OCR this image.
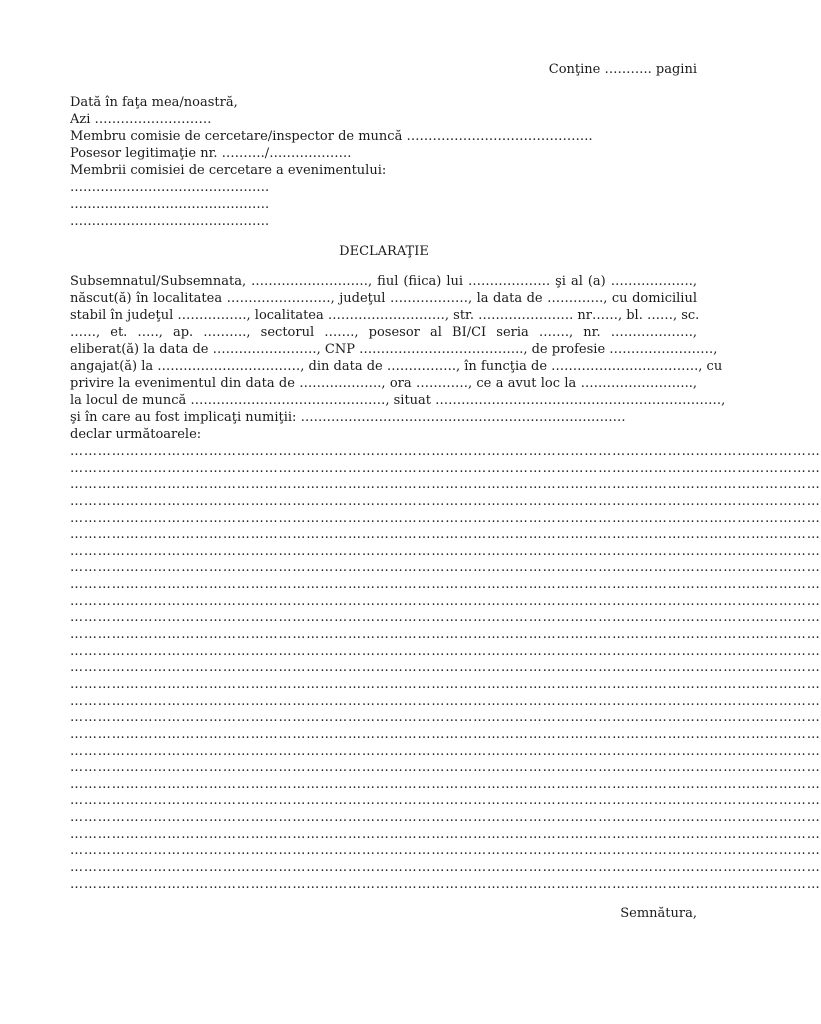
Conţine ……….. pagini
Dată în faţa mea/noastră,
Azi ………………………
Membru comisie de cercetare/inspector de muncă …………………………………….
Posesor legitimaţie nr. ………./……………….
Membrii comisiei de cercetare a evenimentului:
……………………………………….
……………………………………….
……………………………………….
DECLARAŢIE
Subsemnatul/Subsemnata, ………………………, fiul (fiica) lui ………………. şi al (a) ……………….,
născut(ă) în localitatea ……………………, judeţul ………………, la data de …………., cu domiciliul
stabil în judeţul ……………., localitatea ………………………, str. …………………. nr……, bl. ……, sc.
……, et. ….., ap. ………., sectorul ……., posesor al BI/CI seria ……., nr. ……………….,
eliberat(ă) la data de ……………………, CNP ……………………………….., de profesie ……………………,
angajat(ă) la ……………………………, din data de ……………., în funcţia de ……………………………., cu
privire la evenimentul din data de ………………., ora …………, ce a avut loc la ……………………..,
la locul de muncă ………………………………………, situat …………………………………………………………,
şi în care au fost implicaţi numiţii: …………………………………………………………………
declar următoarele:
………………………………………………………………………………………………………………………………………………
………………………………………………………………………………………………………………………………………………
………………………………………………………………………………………………………………………………………………
………………………………………………………………………………………………………………………………………………
………………………………………………………………………………………………………………………………………………
………………………………………………………………………………………………………………………………………………
………………………………………………………………………………………………………………………………………………
………………………………………………………………………………………………………………………………………………
………………………………………………………………………………………………………………………………………………
………………………………………………………………………………………………………………………………………………
………………………………………………………………………………………………………………………………………………
………………………………………………………………………………………………………………………………………………
………………………………………………………………………………………………………………………………………………
………………………………………………………………………………………………………………………………………………
………………………………………………………………………………………………………………………………………………
………………………………………………………………………………………………………………………………………………
………………………………………………………………………………………………………………………………………………
………………………………………………………………………………………………………………………………………………
………………………………………………………………………………………………………………………………………………
………………………………………………………………………………………………………………………………………………
………………………………………………………………………………………………………………………………………………
………………………………………………………………………………………………………………………………………………
………………………………………………………………………………………………………………………………………………
………………………………………………………………………………………………………………………………………………
………………………………………………………………………………………………………………………………………………
………………………………………………………………………………………………………………………………………………
………………………………………………………………………………………………………………………………………………
Semnătura,
